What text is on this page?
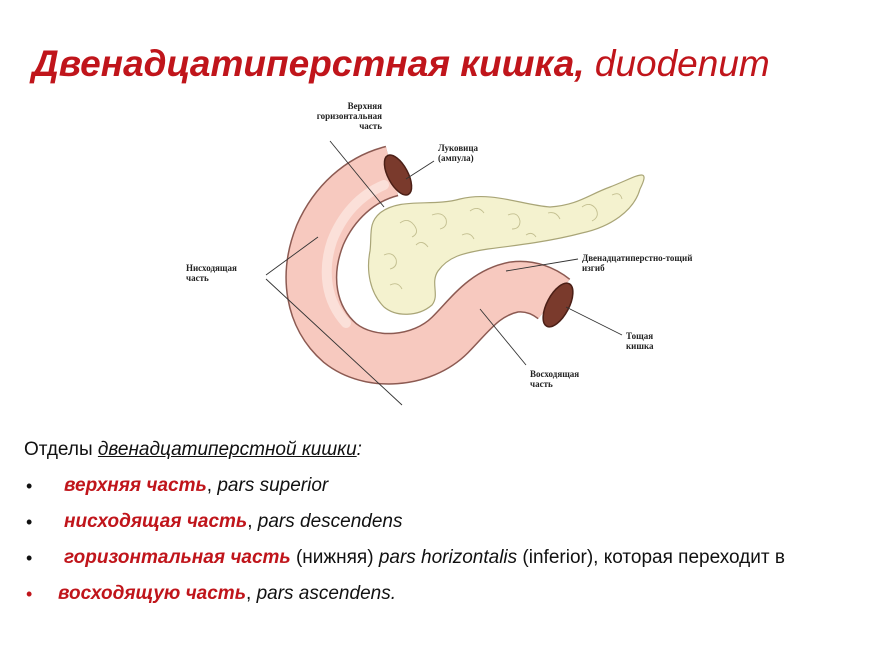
Двенадцатиперстная кишка, duodenum
Верхняя
горизонтальная
часть
Луковица
(ампула)
Нисходящая
часть
Двенадцатиперстно-тощий
изгиб
Тощая
кишка
Восходящая
часть

Отделы двенадцатиперстной кишки:

• верхняя часть, pars superior
• нисходящая часть, pars descendens
• горизонтальная часть (нижняя) pars horizontalis (inferior), которая переходит в
• восходящую часть, pars ascendens.
